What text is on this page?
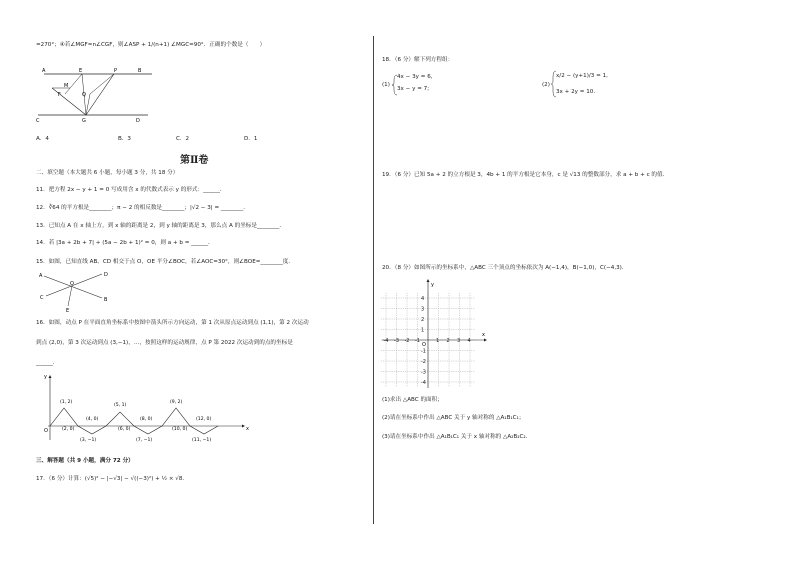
=270°；④若∠MGF=n∠CGF，则∠ASP + 1/(n+1) ∠MGC=90°．正确的个数是（　　）
A	E	P	B
M
F	Q
C	G	D
A．4	B．3	C．2	D．1
第Ⅱ卷
二、填空题（本大题共 6 小题，每小题 3 分，共 18 分）
11．把方程 2x − y + 1 = 0 写成用含 x 的代数式表示 y 的形式：______．
12．∛64 的平方根是________；π − 2 的相反数是________；|√2 − 3| = ________．
13．已知点 A 在 x 轴上方，到 x 轴的距离是 2，到 y 轴的距离是 3，那么点 A 的坐标是________．
14．若 |3a + 2b + 7| + (5a − 2b + 1)² = 0，则 a + b = ______．
15．如图，已知直线 AB、CD 相交于点 O，OE 平分∠BOC，若∠AOC=30°，则∠BOE=________度．
A	D
O
C	B
E
16．如图，动点 P 在平面直角坐标系中按图中箭头所示方向运动，第 1 次从原点运动到点 (1,1)，第 2 次运动
到点 (2,0)，第 3 次运动到点 (3,−1)，…，按照这样的运动规律，点 P 第 2022 次运动到的点的坐标是
______．
x
y
O
(1, 2)
(5, 1)
(9, 2)
(12, 0)
(4, 0)	(8, 0)
(2, 0)	(6, 0)	(10, 0)
(3, −1)	(7, −1)	(11, −1)
三、解答题（共 9 小题，满分 72 分）
17．（6 分）计算：(√5)² − |−√3| − √((−3)²) + ½ × √8．
18．（6 分）解下列方程组：
(1)
4x − 3y = 6,
3x − y = 7;
(2)
x/2 − (y+1)/3 = 1,
3x + 2y = 10.
19．（6 分）已知 5a + 2 的立方根是 3，4b + 1 的平方根是它本身，c 是 √13 的整数部分，求 a + b + c 的值．
20．（8 分）如图所示的坐标系中，△ABC 三个顶点的坐标依次为 A(−1,4)，B(−1,0)，C(−4,3)．
x
y
O
-4 -3 -2 -1	1 2 3 4
4
3
2
1
-1
-2
-3
-4
(1)求出 △ABC 的面积；
(2)请在坐标系中作出 △ABC 关于 y 轴对称的 △A₁B₁C₁；
(3)请在坐标系中作出 △A₁B₁C₁ 关于 x 轴对称的 △A₂B₂C₂．
